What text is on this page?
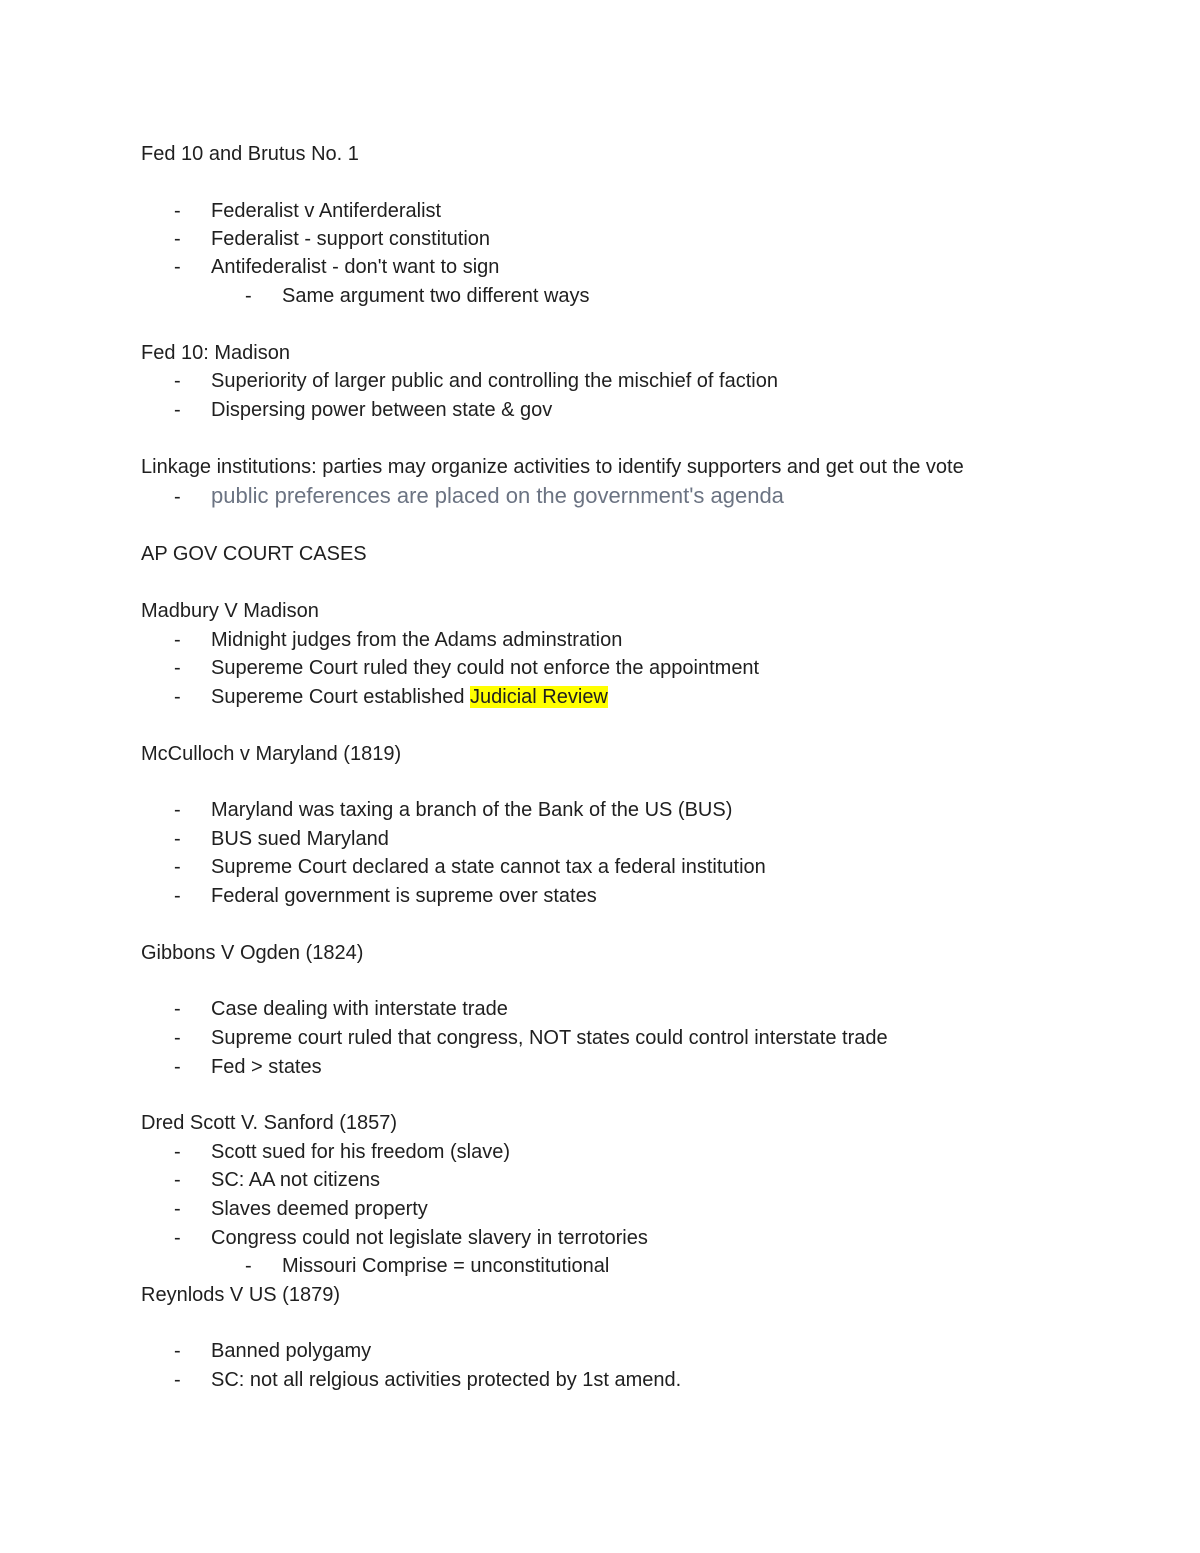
Fed 10 and Brutus No. 1
- Federalist v Antiferderalist
- Federalist - support constitution
- Antifederalist - don't want to sign
- Same argument two different ways
Fed 10: Madison
- Superiority of larger public and controlling the mischief of faction
- Dispersing power between state & gov
Linkage institutions: parties may organize activities to identify supporters and get out the vote
- public preferences are placed on the government's agenda
AP GOV COURT CASES
Madbury V Madison
- Midnight judges from the Adams adminstration
- Supereme Court ruled they could not enforce the appointment
- Supereme Court established Judicial Review
McCulloch v Maryland (1819)
- Maryland was taxing a branch of the Bank of the US (BUS)
- BUS sued Maryland
- Supreme Court declared a state cannot tax a federal institution
- Federal government is supreme over states
Gibbons V Ogden (1824)
- Case dealing with interstate trade
- Supreme court ruled that congress, NOT states could control interstate trade
- Fed > states
Dred Scott V. Sanford (1857)
- Scott sued for his freedom (slave)
- SC: AA not citizens
- Slaves deemed property
- Congress could not legislate slavery in terrotories
- Missouri Comprise = unconstitutional
Reynlods V US (1879)
- Banned polygamy
- SC: not all relgious activities protected by 1st amend.
